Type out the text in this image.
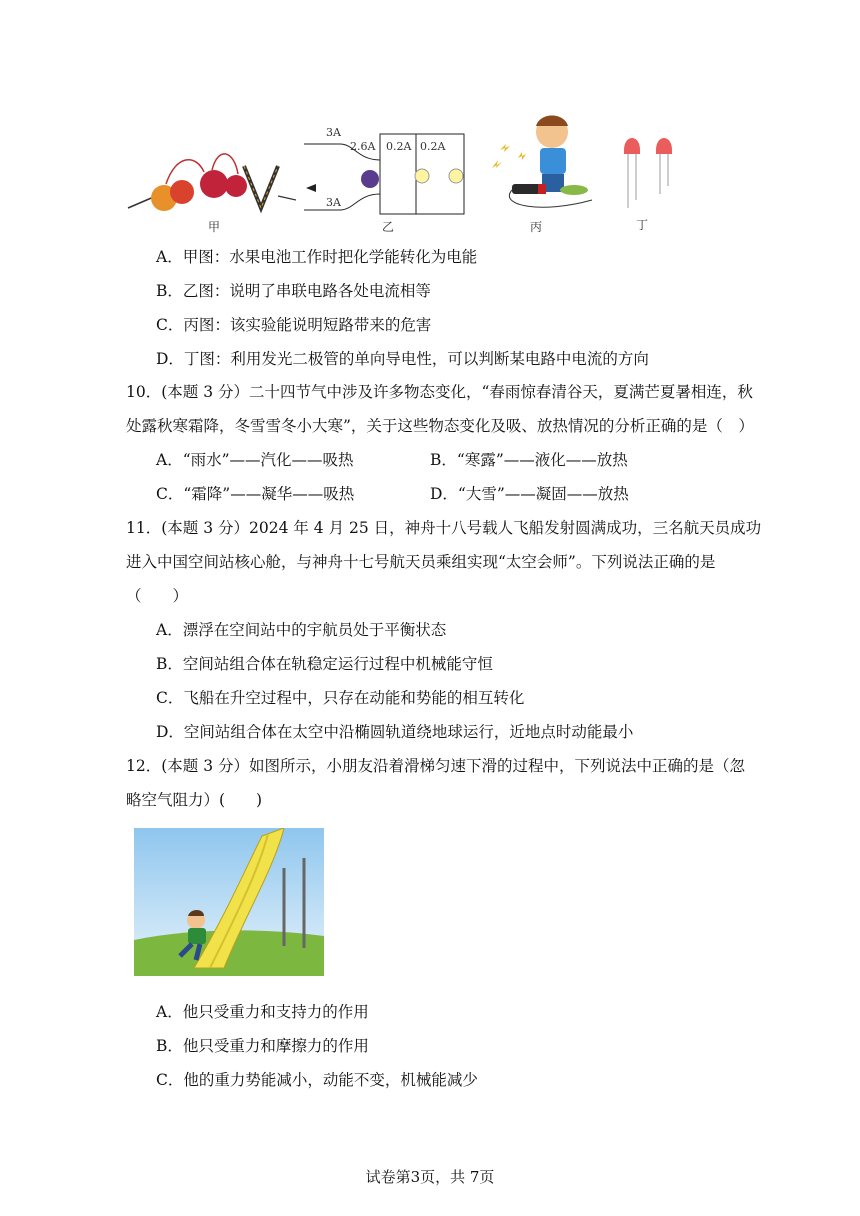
甲
3A
3A
2.6A 0.2A 0.2A
乙	丙	丁
A．甲图：水果电池工作时把化学能转化为电能
B．乙图：说明了串联电路各处电流相等
C．丙图：该实验能说明短路带来的危害
D．丁图：利用发光二极管的单向导电性，可以判断某电路中电流的方向
10．(本题 3 分）二十四节气中涉及许多物态变化，“春雨惊春清谷天，夏满芒夏暑相连，秋
处露秋寒霜降，冬雪雪冬小大寒”，关于这些物态变化及吸、放热情况的分析正确的是（　）
A．“雨水”——汽化——吸热	B．“寒露”——液化——放热
C．“霜降”——凝华——吸热	D．“大雪”——凝固——放热
11．(本题 3 分）2024 年 4 月 25 日，神舟十八号载人飞船发射圆满成功，三名航天员成功
进入中国空间站核心舱，与神舟十七号航天员乘组实现“太空会师”。下列说法正确的是
（　　）
A．漂浮在空间站中的宇航员处于平衡状态
B．空间站组合体在轨稳定运行过程中机械能守恒
C．飞船在升空过程中，只存在动能和势能的相互转化
D．空间站组合体在太空中沿椭圆轨道绕地球运行，近地点时动能最小
12．(本题 3 分）如图所示，小朋友沿着滑梯匀速下滑的过程中，下列说法中正确的是（忽
略空气阻力）(　　)
A．他只受重力和支持力的作用
B．他只受重力和摩擦力的作用
C．他的重力势能减小，动能不变，机械能减少
试卷第3页，共 7页
